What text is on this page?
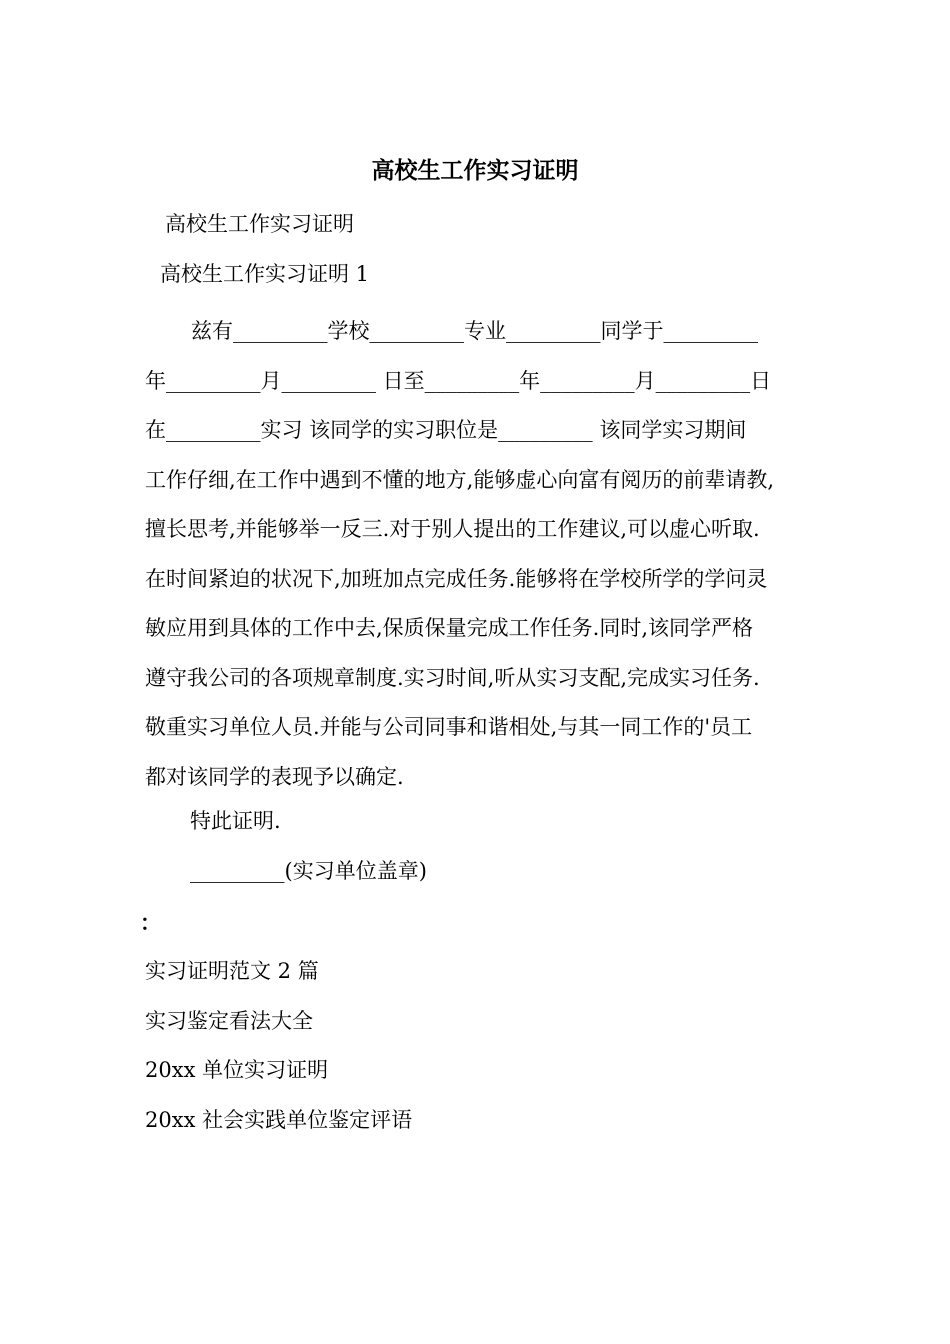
高校生工作实习证明
高校生工作实习证明
高校生工作实习证明 1
兹有_________学校_________专业_________同学于_________
年_________月_________ 日至_________年_________月_________日
在_________实习 该同学的实习职位是_________ 该同学实习期间
工作仔细,在工作中遇到不懂的地方,能够虚心向富有阅历的前辈请教,
擅长思考,并能够举一反三.对于别人提出的工作建议,可以虚心听取.
在时间紧迫的状况下,加班加点完成任务.能够将在学校所学的学问灵
敏应用到具体的工作中去,保质保量完成工作任务.同时,该同学严格
遵守我公司的各项规章制度.实习时间,听从实习支配,完成实习任务.
敬重实习单位人员.并能与公司同事和谐相处,与其一同工作的'员工
都对该同学的表现予以确定.
特此证明.
_________(实习单位盖章)
：
实习证明范文 2 篇
实习鉴定看法大全
20xx 单位实习证明
20xx 社会实践单位鉴定评语
